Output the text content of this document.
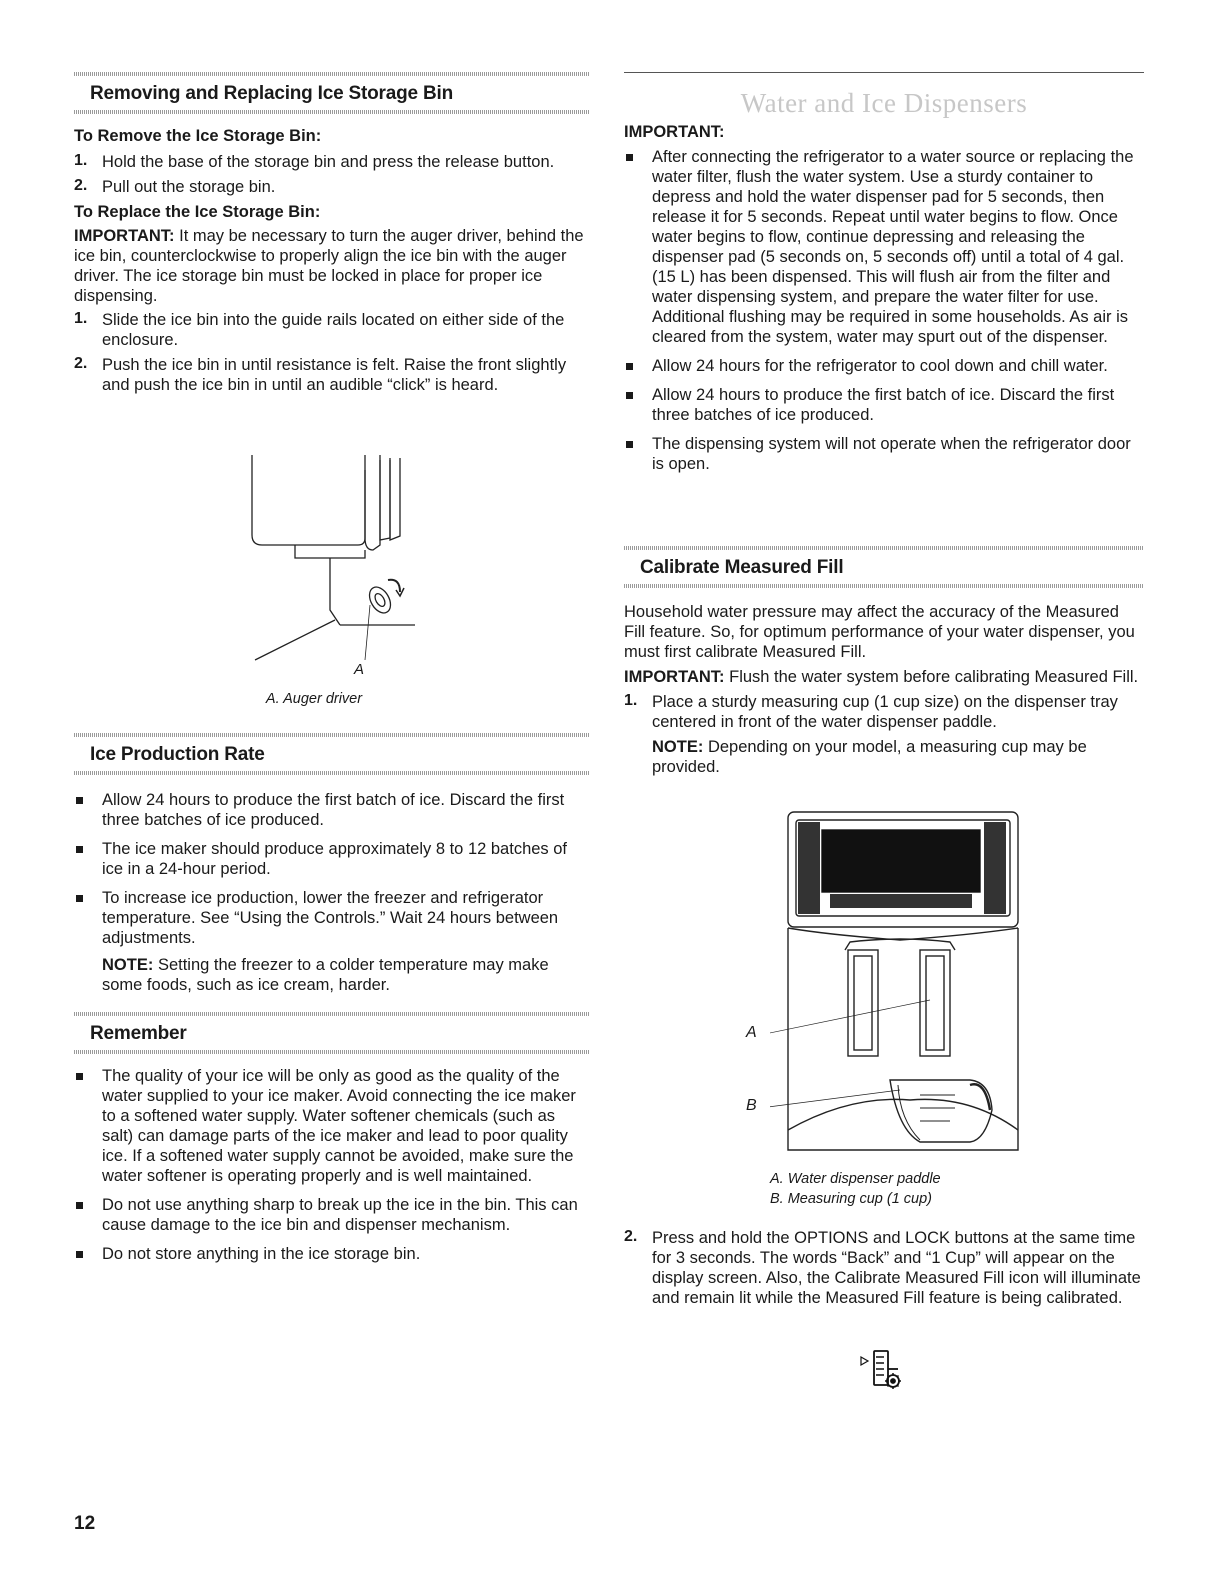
Removing and Replacing Ice Storage Bin
To Remove the Ice Storage Bin:
1. Hold the base of the storage bin and press the release button.
2. Pull out the storage bin.
To Replace the Ice Storage Bin:

IMPORTANT: It may be necessary to turn the auger driver, behind the ice bin, counterclockwise to properly align the ice bin with the auger driver. The ice storage bin must be locked in place for proper ice dispensing.

1. Slide the ice bin into the guide rails located on either side of the enclosure.
2. Push the ice bin in until resistance is felt. Raise the front slightly and push the ice bin in until an audible “click” is heard.
A
A. Auger driver
Ice Production Rate
Allow 24 hours to produce the first batch of ice. Discard the first three batches of ice produced.
The ice maker should produce approximately 8 to 12 batches of ice in a 24-hour period.
To increase ice production, lower the freezer and refrigerator temperature. See “Using the Controls.” Wait 24 hours between adjustments.

NOTE: Setting the freezer to a colder temperature may make some foods, such as ice cream, harder.

Remember
The quality of your ice will be only as good as the quality of the water supplied to your ice maker. Avoid connecting the ice maker to a softened water supply. Water softener chemicals (such as salt) can damage parts of the ice maker and lead to poor quality ice. If a softened water supply cannot be avoided, make sure the water softener is operating properly and is well maintained.
Do not use anything sharp to break up the ice in the bin. This can cause damage to the ice bin and dispenser mechanism.
Do not store anything in the ice storage bin.
Water and Ice Dispensers
IMPORTANT:
After connecting the refrigerator to a water source or replacing the water filter, flush the water system. Use a sturdy container to depress and hold the water dispenser pad for 5 seconds, then release it for 5 seconds. Repeat until water begins to flow. Once water begins to flow, continue depressing and releasing the dispenser pad (5 seconds on, 5 seconds off) until a total of 4 gal. (15 L) has been dispensed. This will flush air from the filter and water dispensing system, and prepare the water filter for use. Additional flushing may be required in some households. As air is cleared from the system, water may spurt out of the dispenser.
Allow 24 hours for the refrigerator to cool down and chill water.
Allow 24 hours to produce the first batch of ice. Discard the first three batches of ice produced.
The dispensing system will not operate when the refrigerator door is open.
Calibrate Measured Fill

Household water pressure may affect the accuracy of the Measured Fill feature. So, for optimum performance of your water dispenser, you must first calibrate Measured Fill.

IMPORTANT: Flush the water system before calibrating Measured Fill.

1. Place a sturdy measuring cup (1 cup size) on the dispenser tray centered in front of the water dispenser paddle.

NOTE: Depending on your model, a measuring cup may be provided.

A
B
A. Water dispenser paddle
B. Measuring cup (1 cup)
2. Press and hold the OPTIONS and LOCK buttons at the same time for 3 seconds. The words “Back” and “1 Cup” will appear on the display screen. Also, the Calibrate Measured Fill icon will illuminate and remain lit while the Measured Fill feature is being calibrated.
12
